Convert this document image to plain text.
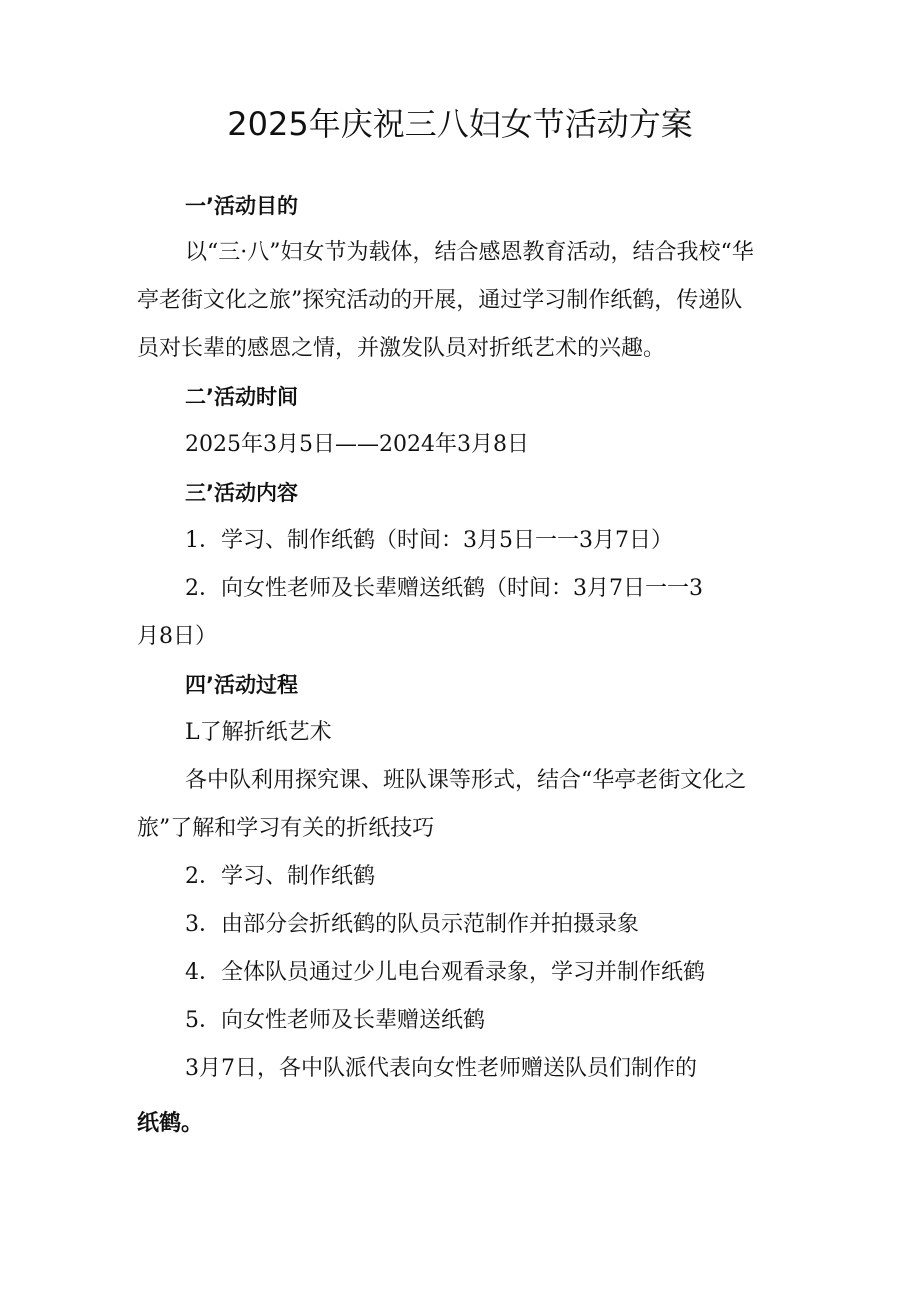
2025年庆祝三八妇女节活动方案
一’活动目的
以“三·八”妇女节为载体，结合感恩教育活动，结合我校“华
亭老街文化之旅”探究活动的开展，通过学习制作纸鹤，传递队
员对长辈的感恩之情，并激发队员对折纸艺术的兴趣。
二’活动时间
2025年3月5日——2024年3月8日
三’活动内容
1．学习、制作纸鹤（时间：3月5日一一3月7日）
2．向女性老师及长辈赠送纸鹤（时间：3月7日一一3
月8日）
四’活动过程
L了解折纸艺术
各中队利用探究课、班队课等形式，结合“华亭老街文化之
旅”了解和学习有关的折纸技巧
2．学习、制作纸鹤
3．由部分会折纸鹤的队员示范制作并拍摄录象
4．全体队员通过少儿电台观看录象，学习并制作纸鹤
5．向女性老师及长辈赠送纸鹤
3月7日，各中队派代表向女性老师赠送队员们制作的
纸鹤。
